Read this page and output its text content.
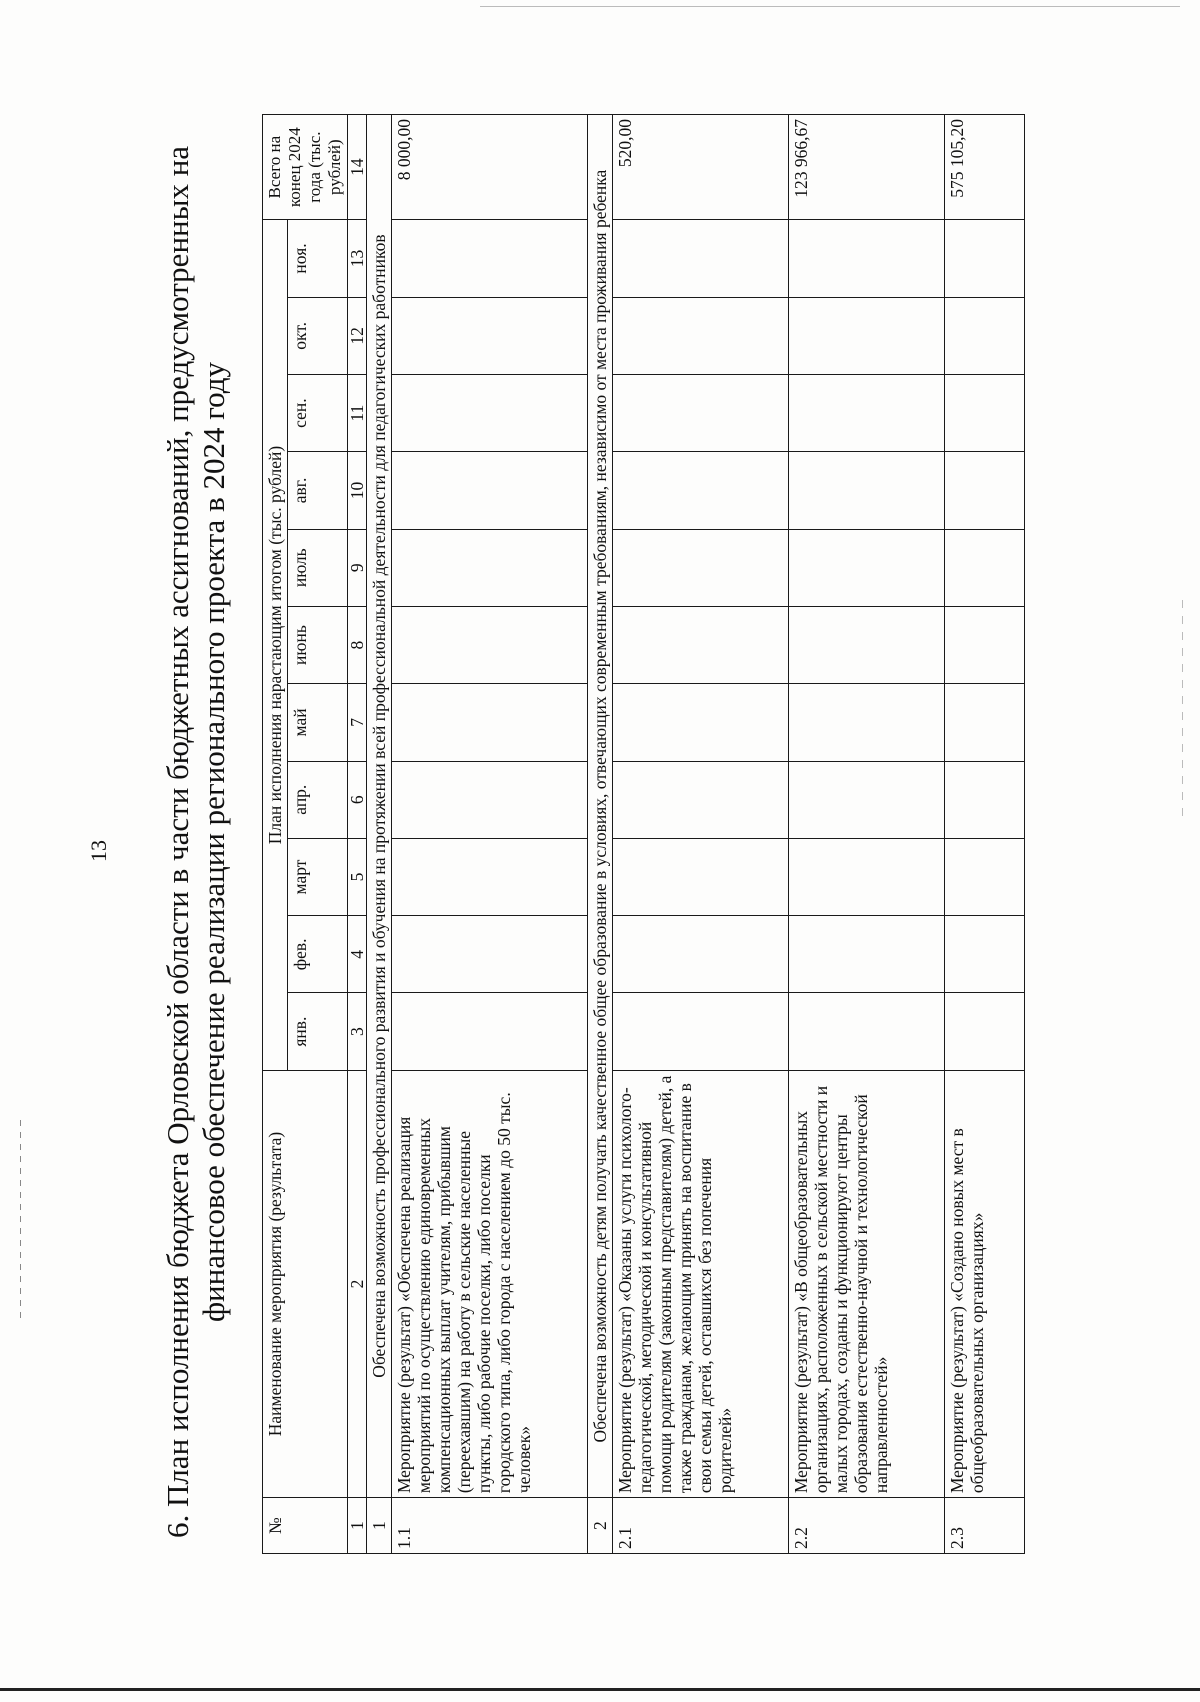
13 6. План исполнения бюджета Орловской области в части бюджетных ассигнований, предусмотренных на финансовое обеспечение реализации регионального проекта в 2024 году
№	Наименование мероприятия (результата)	План исполнения нарастающим итогом (тыс. рублей)											Всего на конец 2024 года (тыс. рублей)
		янв.	фев.	март	апр.	май	июнь	июль	авг.	сен.	окт.	ноя.	
1	2	3	4	5	6	7	8	9	10	11	12	13	14
1	Обеспечена возможность профессионального развития и обучения на протяжении всей профессиональной деятельности для педагогических работников												
1.1	Мероприятие (результат) «Обеспечена реализация мероприятий по осуществлению единовременных компенсационных выплат учителям, прибывшим (переехавшим) на работу в сельские населенные пункты, либо рабочие поселки, либо поселки городского типа, либо города с населением до 50 тыс. человек»												8 000,00
2	Обеспечена возможность детям получать качественное общее образование в условиях, отвечающих современным требованиям, независимо от места проживания ребенка												
2.1	Мероприятие (результат) «Оказаны услуги психолого-педагогической, методической и консультативной помощи родителям (законным представителям) детей, а также гражданам, желающим принять на воспитание в свои семьи детей, оставшихся без попечения родителей»												520,00
2.2	Мероприятие (результат) «В общеобразовательных организациях, расположенных в сельской местности и малых городах, созданы и функционируют центры образования естественно-научной и технологической направленностей»												123 966,67
2.3	Мероприятие (результат) «Создано новых мест в общеобразовательных организациях»												575 105,20
